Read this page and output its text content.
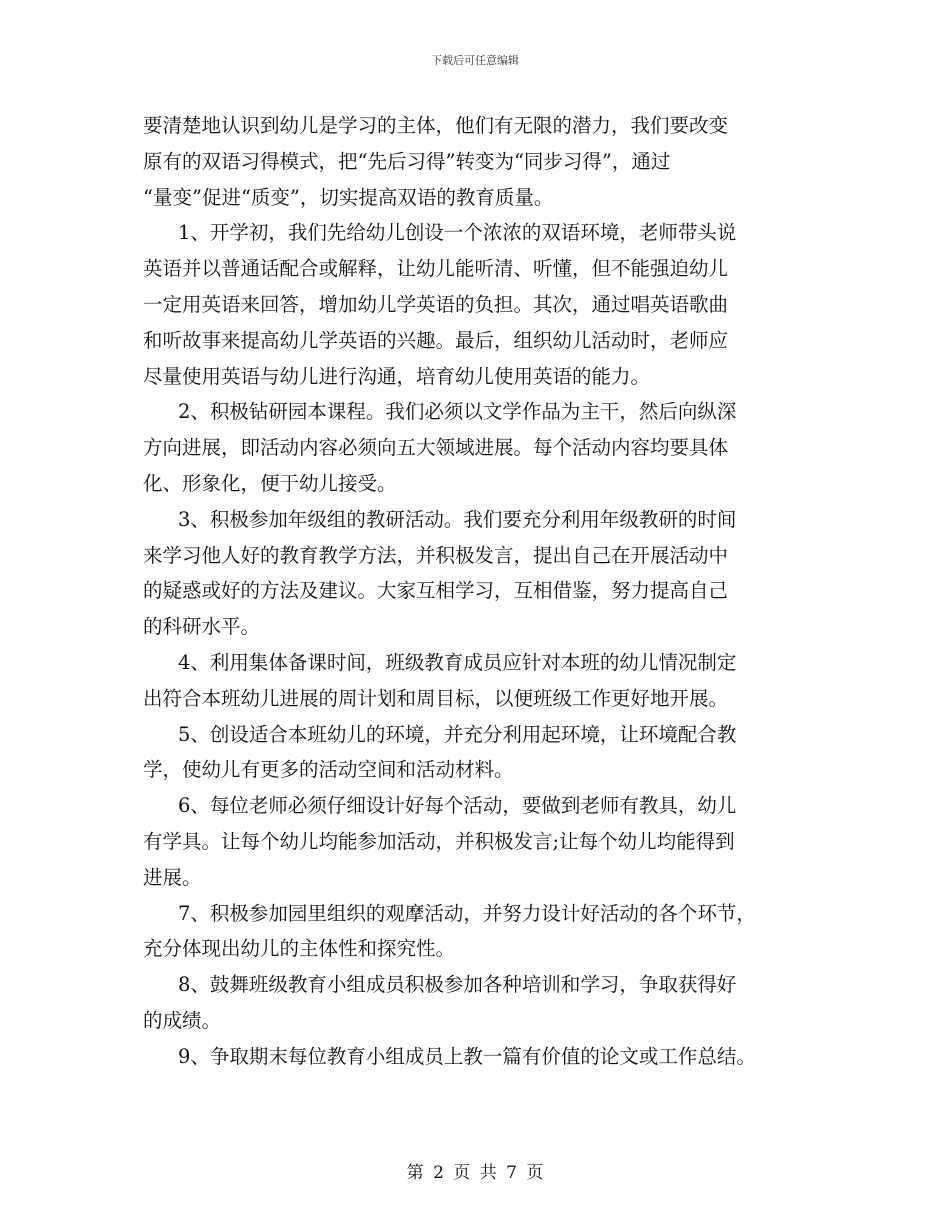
下载后可任意编辑
要清楚地认识到幼儿是学习的主体，他们有无限的潜力，我们要改变
原有的双语习得模式，把“先后习得”转变为“同步习得”，通过
“量变”促进“质变”，切实提高双语的教育质量。
1、开学初，我们先给幼儿创设一个浓浓的双语环境，老师带头说
英语并以普通话配合或解释，让幼儿能听清、听懂，但不能强迫幼儿
一定用英语来回答，增加幼儿学英语的负担。其次，通过唱英语歌曲
和听故事来提高幼儿学英语的兴趣。最后，组织幼儿活动时，老师应
尽量使用英语与幼儿进行沟通，培育幼儿使用英语的能力。
2、积极钻研园本课程。我们必须以文学作品为主干，然后向纵深
方向进展，即活动内容必须向五大领域进展。每个活动内容均要具体
化、形象化，便于幼儿接受。
3、积极参加年级组的教研活动。我们要充分利用年级教研的时间
来学习他人好的教育教学方法，并积极发言，提出自己在开展活动中
的疑惑或好的方法及建议。大家互相学习，互相借鉴，努力提高自己
的科研水平。
4、利用集体备课时间，班级教育成员应针对本班的幼儿情况制定
出符合本班幼儿进展的周计划和周目标，以便班级工作更好地开展。
5、创设适合本班幼儿的环境，并充分利用起环境，让环境配合教
学，使幼儿有更多的活动空间和活动材料。
6、每位老师必须仔细设计好每个活动，要做到老师有教具，幼儿
有学具。让每个幼儿均能参加活动，并积极发言;让每个幼儿均能得到
进展。
7、积极参加园里组织的观摩活动，并努力设计好活动的各个环节，
充分体现出幼儿的主体性和探究性。
8、鼓舞班级教育小组成员积极参加各种培训和学习，争取获得好
的成绩。
9、争取期末每位教育小组成员上教一篇有价值的论文或工作总结。
第 2 页 共 7 页
